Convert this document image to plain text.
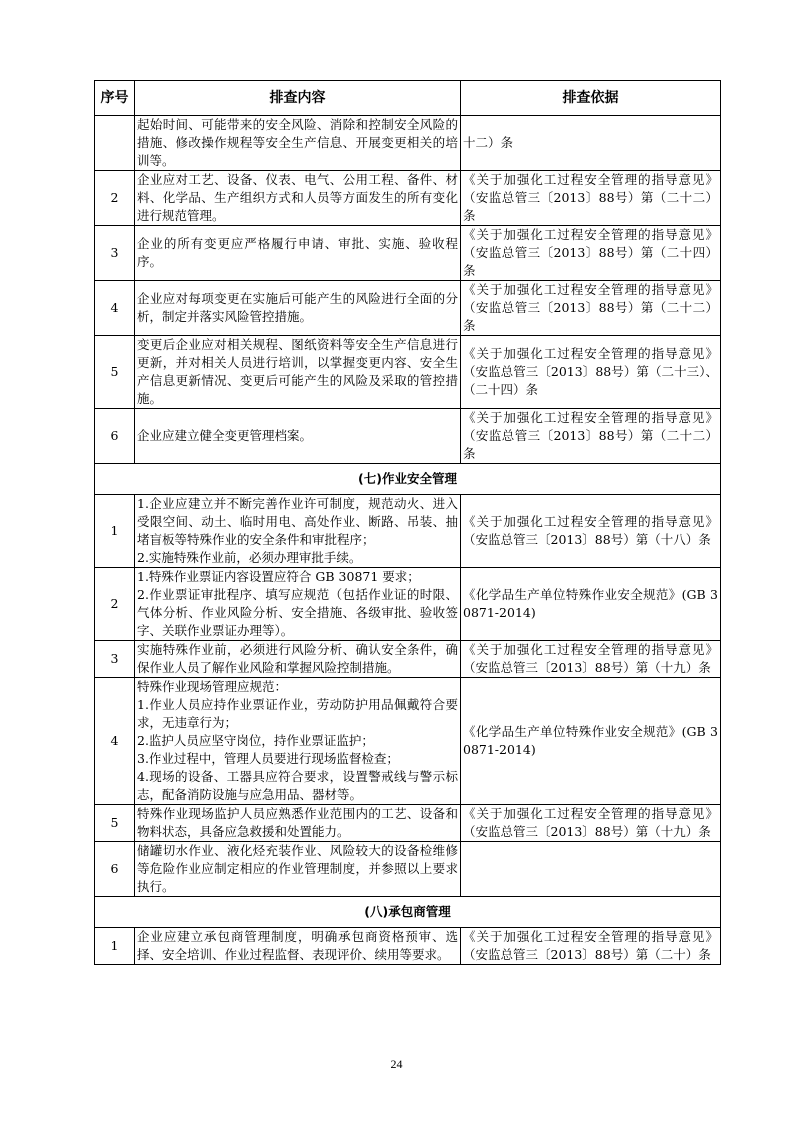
序号	排查内容	排查依据
	起始时间、可能带来的安全风险、消除和控制安全风险的措施、修改操作规程等安全生产信息、开展变更相关的培训等。	十二）条
2	企业应对工艺、设备、仪表、电气、公用工程、备件、材料、化学品、生产组织方式和人员等方面发生的所有变化进行规范管理。	《关于加强化工过程安全管理的指导意见》（安监总管三〔2013〕88号）第（二十二）条
3	企业的所有变更应严格履行申请、审批、实施、验收程序。	《关于加强化工过程安全管理的指导意见》（安监总管三〔2013〕88号）第（二十四）条
4	企业应对每项变更在实施后可能产生的风险进行全面的分析，制定并落实风险管控措施。	《关于加强化工过程安全管理的指导意见》（安监总管三〔2013〕88号）第（二十二）条
5	变更后企业应对相关规程、图纸资料等安全生产信息进行更新，并对相关人员进行培训，以掌握变更内容、安全生产信息更新情况、变更后可能产生的风险及采取的管控措施。	《关于加强化工过程安全管理的指导意见》（安监总管三〔2013〕88号）第（二十三）、（二十四）条
6	企业应建立健全变更管理档案。	《关于加强化工过程安全管理的指导意见》（安监总管三〔2013〕88号）第（二十二）条
(七)作业安全管理		
1	1.企业应建立并不断完善作业许可制度，规范动火、进入受限空间、动土、临时用电、高处作业、断路、吊装、抽堵盲板等特殊作业的安全条件和审批程序；
2.实施特殊作业前，必须办理审批手续。	《关于加强化工过程安全管理的指导意见》（安监总管三〔2013〕88号）第（十八）条
2	1.特殊作业票证内容设置应符合 GB 30871 要求；
2.作业票证审批程序、填写应规范（包括作业证的时限、气体分析、作业风险分析、安全措施、各级审批、验收签字、关联作业票证办理等）。	《化学品生产单位特殊作业安全规范》(GB 30871-2014)
3	实施特殊作业前，必须进行风险分析、确认安全条件，确保作业人员了解作业风险和掌握风险控制措施。	《关于加强化工过程安全管理的指导意见》（安监总管三〔2013〕88号）第（十九）条
4	特殊作业现场管理应规范：
1.作业人员应持作业票证作业，劳动防护用品佩戴符合要求，无违章行为；
2.监护人员应坚守岗位，持作业票证监护；
3.作业过程中，管理人员要进行现场监督检查；
4.现场的设备、工器具应符合要求，设置警戒线与警示标志，配备消防设施与应急用品、器材等。	《化学品生产单位特殊作业安全规范》(GB 30871-2014)
5	特殊作业现场监护人员应熟悉作业范围内的工艺、设备和物料状态，具备应急救援和处置能力。	《关于加强化工过程安全管理的指导意见》（安监总管三〔2013〕88号）第（十九）条
6	储罐切水作业、液化烃充装作业、风险较大的设备检维修等危险作业应制定相应的作业管理制度，并参照以上要求执行。	
(八)承包商管理		
1	企业应建立承包商管理制度，明确承包商资格预审、选择、安全培训、作业过程监督、表现评价、续用等要求。	《关于加强化工过程安全管理的指导意见》（安监总管三〔2013〕88号）第（二十）条
24
